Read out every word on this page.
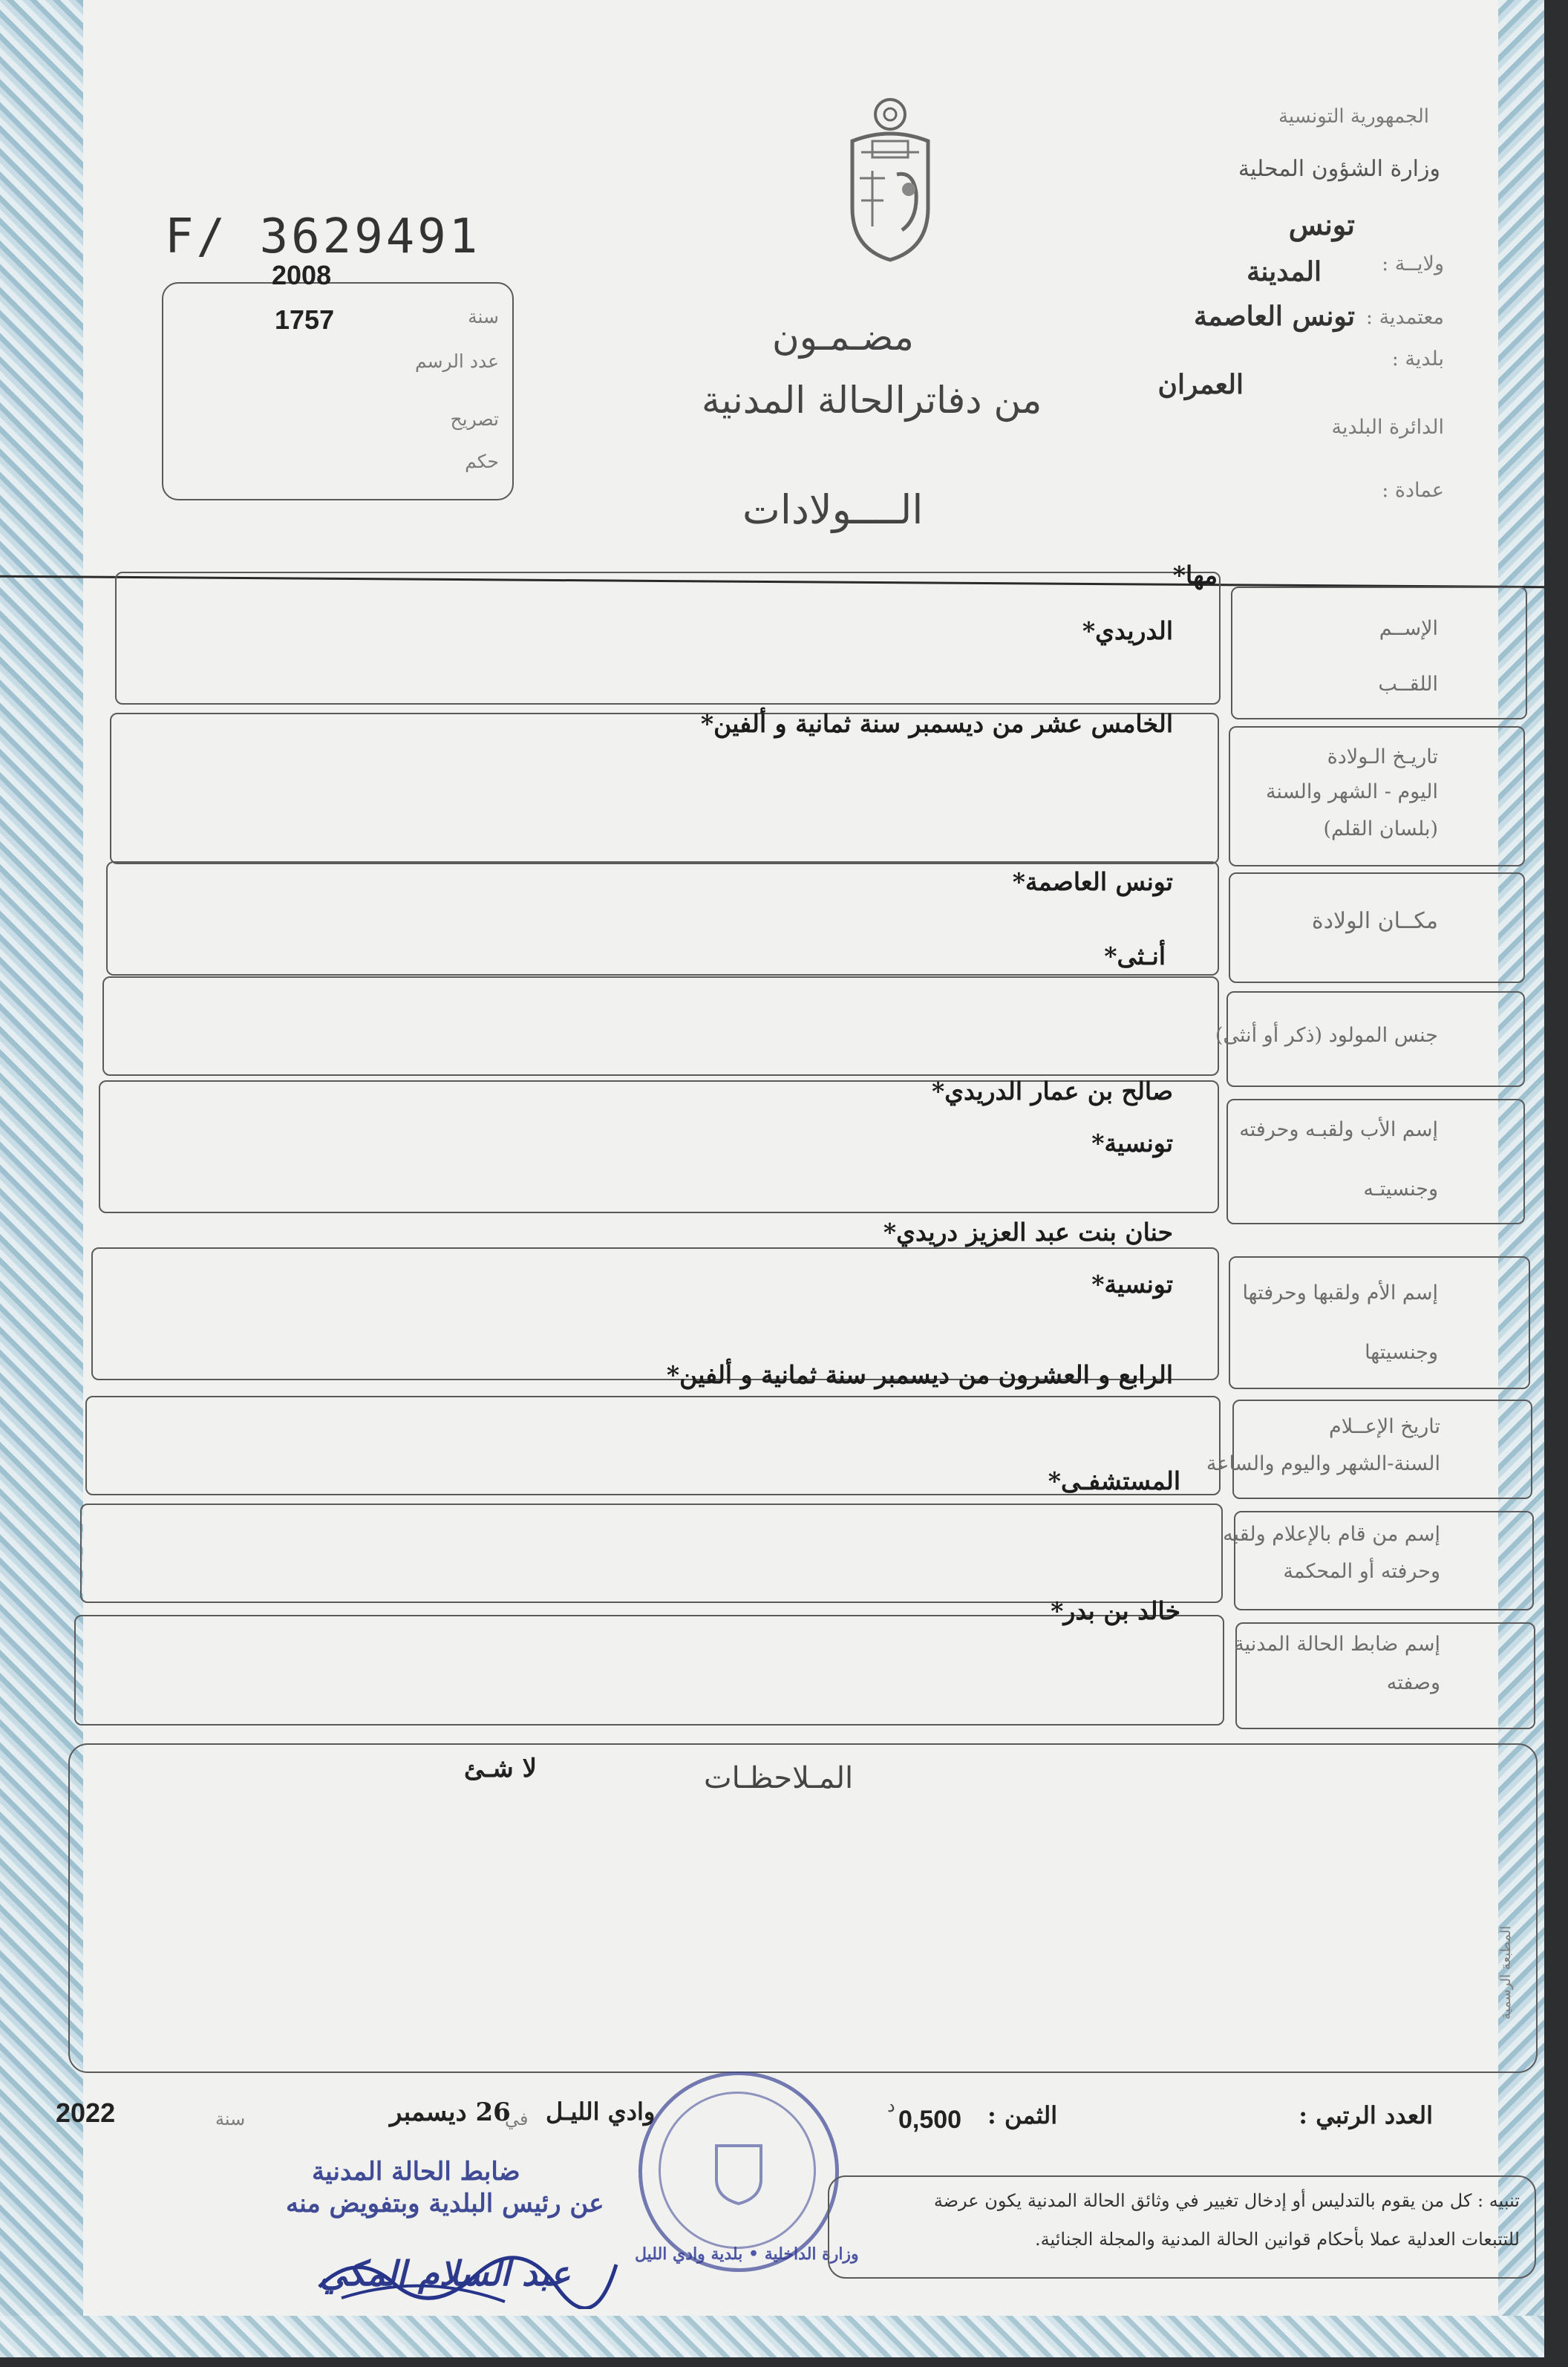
F/ 3629491
2008
سنة
1757
عدد الرسم
تصريح
حكم
الجمهورية التونسية
وزارة الشؤون المحلية
تونس
ولايــة :
المدينة
معتمدية :
تونس العاصمة
بلدية :
العمران
الدائرة البلدية
عمادة :
مضـمـون
من دفاترالحالة المدنية
الــــولادات
الإســم
اللقــب
مها*
الدريدي*
تاريـخ الـولادة
اليوم - الشهر والسنة
(بلسان القلم)
الخامس عشر من ديسمبر سنة ثمانية و ألفين*
مكــان الولادة
تونس العاصمة*
جنس المولود (ذكر أو أنثى)
أنـثى*
إسم الأب ولقبـه وحرفته
وجنسيتـه
صالح بن عمار الدريدي*
تونسية*
إسم الأم ولقبها وحرفتها
وجنسيتها
حنان بنت عبد العزيز دريدي*
تونسية*
تاريخ الإعــلام
السنة-الشهر واليوم والساعة
الرابع و العشرون من ديسمبر سنة ثمانية و ألفين*
إسم من قام بالإعلام ولقبه
وحرفته أو المحكمة
المستشفـى*
إسم ضابط الحالة المدنية
وصفته
خالد بن بدر*
المـلاحظـات
لا شـئ
المطبعة الرسمية
العدد الرتبي :
الثمن :
0,500
د
وادي الليـل
في
26 ديسمبر
سنة
2022
وزارة الداخلية • بلدية وادي الليل
ضابط الحالة المدنية
عن رئيس البلدية وبتفويض منه
عبد السلام المكي
تنبيه : كل من يقوم بالتدليس أو إدخال تغيير في وثائق الحالة المدنية يكون عرضة
للتتبعات العدلية عملا بأحكام قوانين الحالة المدنية والمجلة الجنائية.
